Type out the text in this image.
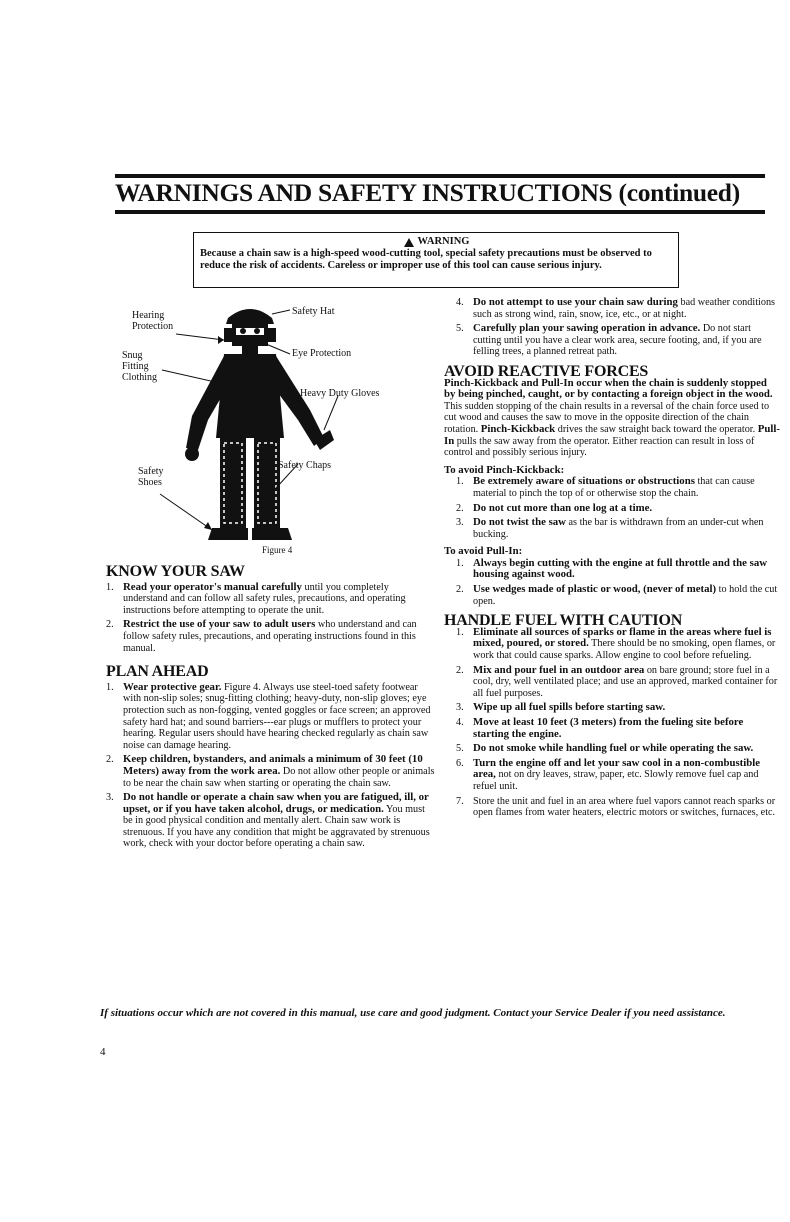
WARNINGS AND SAFETY INSTRUCTIONS (continued)
WARNING
Because a chain saw is a high-speed wood-cutting tool, special safety precautions must be observed to reduce the risk of accidents. Careless or improper use of this tool can cause serious injury.
Hearing Protection
Safety Hat
Snug Fitting Clothing
Eye Protection
Heavy Duty Gloves
Safety Chaps
Safety Shoes
Figure 4
KNOW YOUR SAW
1. Read your operator's manual carefully until you completely understand and can follow all safety rules, precautions, and operating instructions before attempting to operate the unit.
2. Restrict the use of your saw to adult users who understand and can follow safety rules, precautions, and operating instructions found in this manual.
PLAN AHEAD
1. Wear protective gear. Figure 4. Always use steel-toed safety footwear with non-slip soles; snug-fitting clothing; heavy-duty, non-slip gloves; eye protection such as non-fogging, vented goggles or face screen; an approved safety hard hat; and sound barriers---ear plugs or mufflers to protect your hearing. Regular users should have hearing checked regularly as chain saw noise can damage hearing.
2. Keep children, bystanders, and animals a minimum of 30 feet (10 Meters) away from the work area. Do not allow other people or animals to be near the chain saw when starting or operating the chain saw.
3. Do not handle or operate a chain saw when you are fatigued, ill, or upset, or if you have taken alcohol, drugs, or medication. You must be in good physical condition and mentally alert. Chain saw work is strenuous. If you have any condition that might be aggravated by strenuous work, check with your doctor before operating a chain saw.
4. Do not attempt to use your chain saw during bad weather conditions such as strong wind, rain, snow, ice, etc., or at night.
5. Carefully plan your sawing operation in advance. Do not start cutting until you have a clear work area, secure footing, and, if you are felling trees, a planned retreat path.
AVOID REACTIVE FORCES

Pinch-Kickback and Pull-In occur when the chain is suddenly stopped by being pinched, caught, or by contacting a foreign object in the wood. This sudden stopping of the chain results in a reversal of the chain force used to cut wood and causes the saw to move in the opposite direction of the chain rotation. Pinch-Kickback drives the saw straight back toward the operator. Pull-In pulls the saw away from the operator. Either reaction can result in loss of control and possibly serious injury.

To avoid Pinch-Kickback:
1. Be extremely aware of situations or obstructions that can cause material to pinch the top of or otherwise stop the chain.
2. Do not cut more than one log at a time.
3. Do not twist the saw as the bar is withdrawn from an under-cut when bucking.
To avoid Pull-In:
1. Always begin cutting with the engine at full throttle and the saw housing against wood.
2. Use wedges made of plastic or wood, (never of metal) to hold the cut open.
HANDLE FUEL WITH CAUTION
1. Eliminate all sources of sparks or flame in the areas where fuel is mixed, poured, or stored. There should be no smoking, open flames, or work that could cause sparks. Allow engine to cool before refueling.
2. Mix and pour fuel in an outdoor area on bare ground; store fuel in a cool, dry, well ventilated place; and use an approved, marked container for all fuel purposes.
3. Wipe up all fuel spills before starting saw.
4. Move at least 10 feet (3 meters) from the fueling site before starting the engine.
5. Do not smoke while handling fuel or while operating the saw.
6. Turn the engine off and let your saw cool in a non-combustible area, not on dry leaves, straw, paper, etc. Slowly remove fuel cap and refuel unit.
7. Store the unit and fuel in an area where fuel vapors cannot reach sparks or open flames from water heaters, electric motors or switches, furnaces, etc.
If situations occur which are not covered in this manual, use care and good judgment. Contact your Service Dealer if you need assistance.
4
